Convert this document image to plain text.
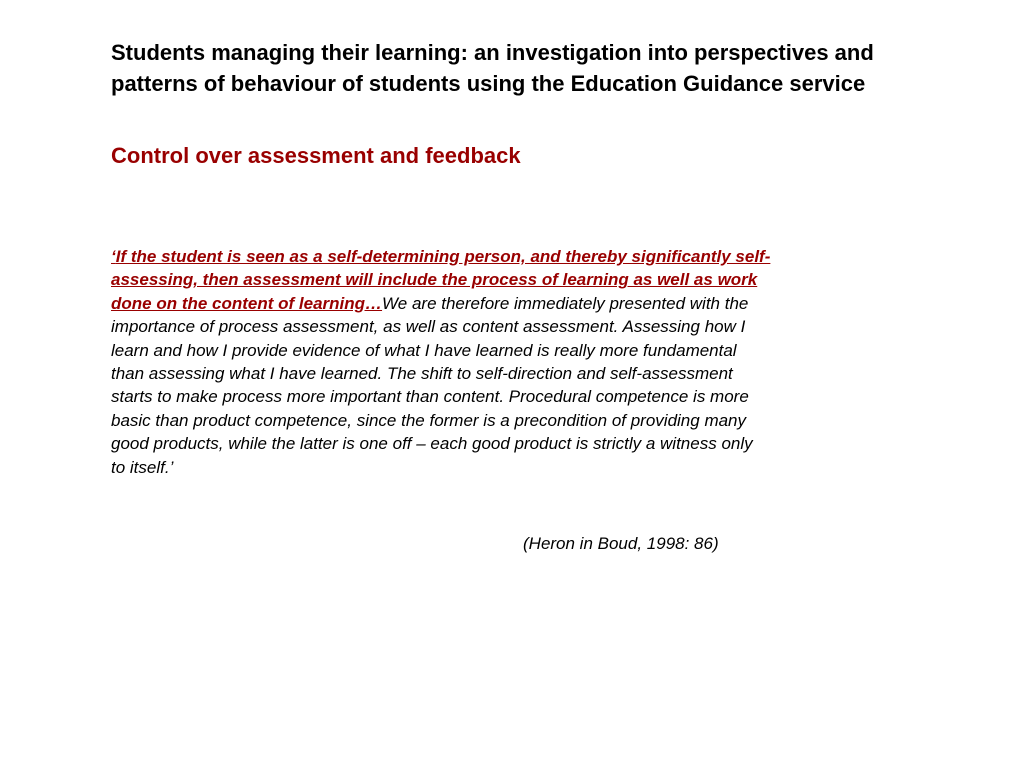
Students managing their learning: an investigation into perspectives and patterns of behaviour of students using the Education Guidance service
Control over assessment and feedback

‘If the student is seen as a self-determining person, and thereby significantly self-assessing, then assessment will include the process of learning as well as work done on the content of learning…We are therefore immediately presented with the importance of process assessment, as well as content assessment. Assessing how I learn and how I provide evidence of what I have learned is really more fundamental than assessing what I have learned. The shift to self-direction and self-assessment starts to make process more important than content. Procedural competence is more basic than product competence, since the former is a precondition of providing many good products, while the latter is one off – each good product is strictly a witness only to itself.’

(Heron in Boud, 1998: 86)
